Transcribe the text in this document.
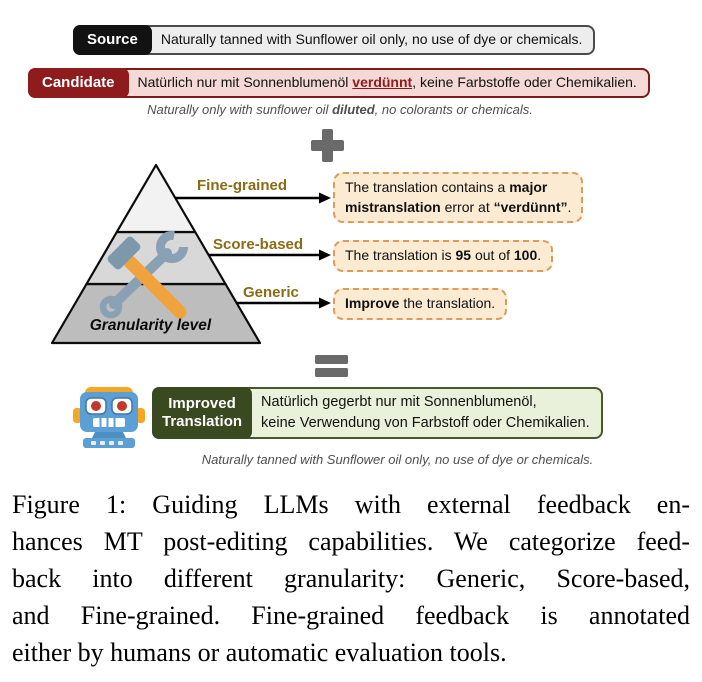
Source	Naturally tanned with Sunflower oil only, no use of dye or chemicals.
Candidate	Natürlich nur mit Sonnenblumenöl verdünnt, keine Farbstoffe oder Chemikalien.
Naturally only with sunflower oil diluted, no colorants or chemicals.
Fine-grained
Score-based
Generic
Granularity level
The translation contains a major
mistranslation error at “verdünnt”.
The translation is 95 out of 100.
Improve the translation.
Improved
Translation
Natürlich gegerbt nur mit Sonnenblumenöl,
keine Verwendung von Farbstoff oder Chemikalien.
Naturally tanned with Sunflower oil only, no use of dye or chemicals.
Figure 1: Guiding LLMs with external feedback en-
hances MT post-editing capabilities. We categorize feed-
back into different granularity: Generic, Score-based,
and Fine-grained. Fine-grained feedback is annotated
either by humans or automatic evaluation tools.
